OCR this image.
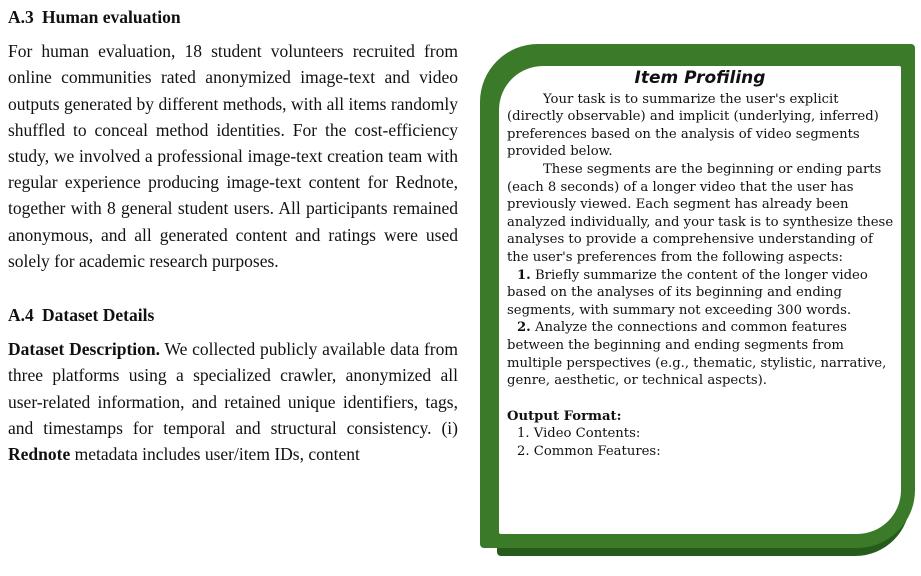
A.3 Human evaluation

For human evaluation, 18 student volunteers recruited from online communities rated anonymized image-text and video outputs generated by different methods, with all items randomly shuffled to conceal method identities. For the cost-efficiency study, we involved a professional image-text creation team with regular experience producing image-text content for Rednote, together with 8 general student users. All participants remained anonymous, and all generated content and ratings were used solely for academic research purposes.

A.4 Dataset Details

Dataset Description. We collected publicly available data from three platforms using a specialized crawler, anonymized all user-related information, and retained unique identifiers, tags, and timestamps for temporal and structural consistency. (i) Rednote metadata includes user/item IDs, content

Item Profiling

Your task is to summarize the user's explicit (directly observable) and implicit (underlying, inferred) preferences based on the analysis of video segments provided below.

These segments are the beginning or ending parts (each 8 seconds) of a longer video that the user has previously viewed. Each segment has already been analyzed individually, and your task is to synthesize these analyses to provide a comprehensive understanding of the user's preferences from the following aspects:

1. Briefly summarize the content of the longer video based on the analyses of its beginning and ending segments, with summary not exceeding 300 words.

2. Analyze the connections and common features between the beginning and ending segments from multiple perspectives (e.g., thematic, stylistic, narrative, genre, aesthetic, or technical aspects).

Output Format:

1. Video Contents:

2. Common Features:
